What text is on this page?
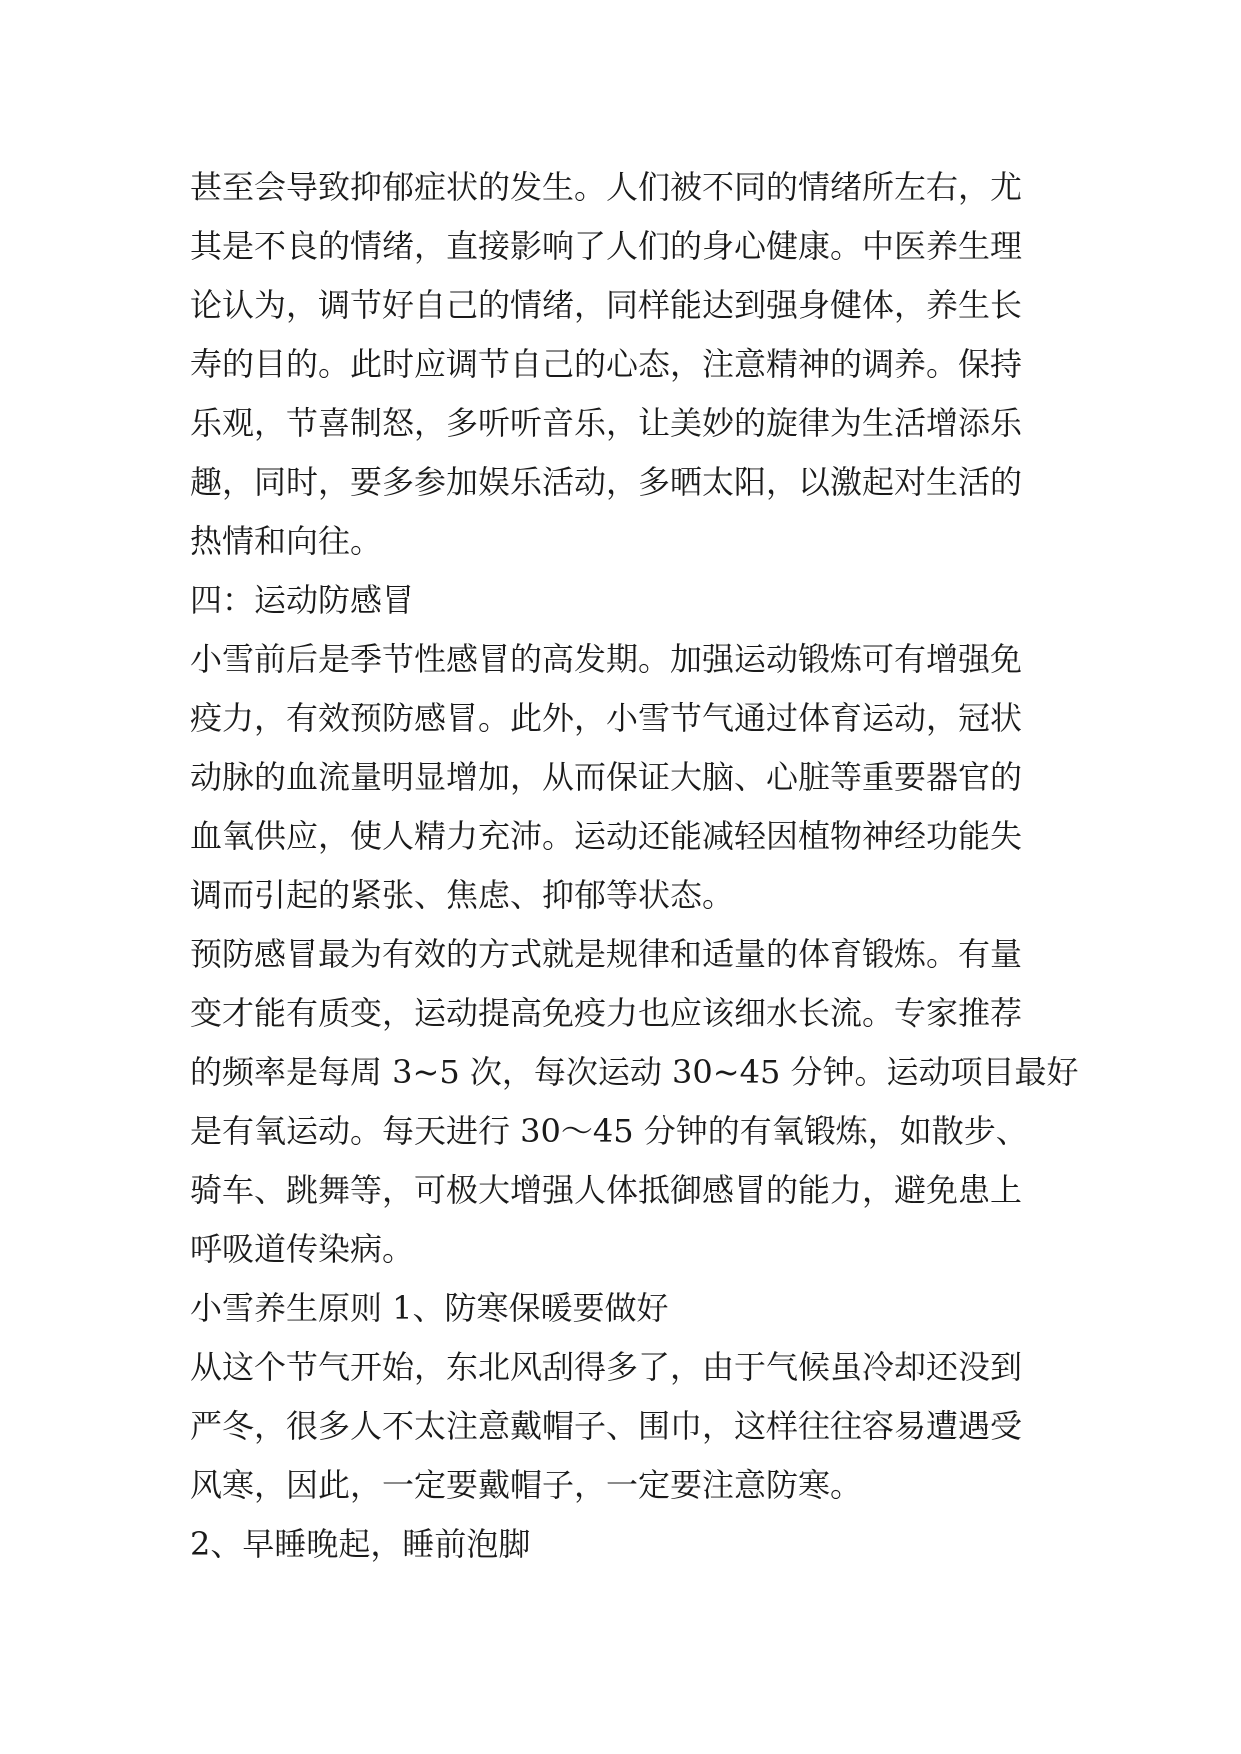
甚至会导致抑郁症状的发生。人们被不同的情绪所左右，尤
其是不良的情绪，直接影响了人们的身心健康。中医养生理
论认为，调节好自己的情绪，同样能达到强身健体，养生长
寿的目的。此时应调节自己的心态，注意精神的调养。保持
乐观，节喜制怒，多听听音乐，让美妙的旋律为生活增添乐
趣，同时，要多参加娱乐活动，多晒太阳，以激起对生活的
热情和向往。
四：运动防感冒
小雪前后是季节性感冒的高发期。加强运动锻炼可有增强免
疫力，有效预防感冒。此外，小雪节气通过体育运动，冠状
动脉的血流量明显增加，从而保证大脑、心脏等重要器官的
血氧供应，使人精力充沛。运动还能减轻因植物神经功能失
调而引起的紧张、焦虑、抑郁等状态。
预防感冒最为有效的方式就是规律和适量的体育锻炼。有量
变才能有质变，运动提高免疫力也应该细水长流。专家推荐
的频率是每周 3~5 次，每次运动 30~45 分钟。运动项目最好
是有氧运动。每天进行 30～45 分钟的有氧锻炼，如散步、
骑车、跳舞等，可极大增强人体抵御感冒的能力，避免患上
呼吸道传染病。
小雪养生原则 1、防寒保暖要做好
从这个节气开始，东北风刮得多了，由于气候虽冷却还没到
严冬，很多人不太注意戴帽子、围巾，这样往往容易遭遇受
风寒，因此，一定要戴帽子，一定要注意防寒。
2、早睡晚起，睡前泡脚
